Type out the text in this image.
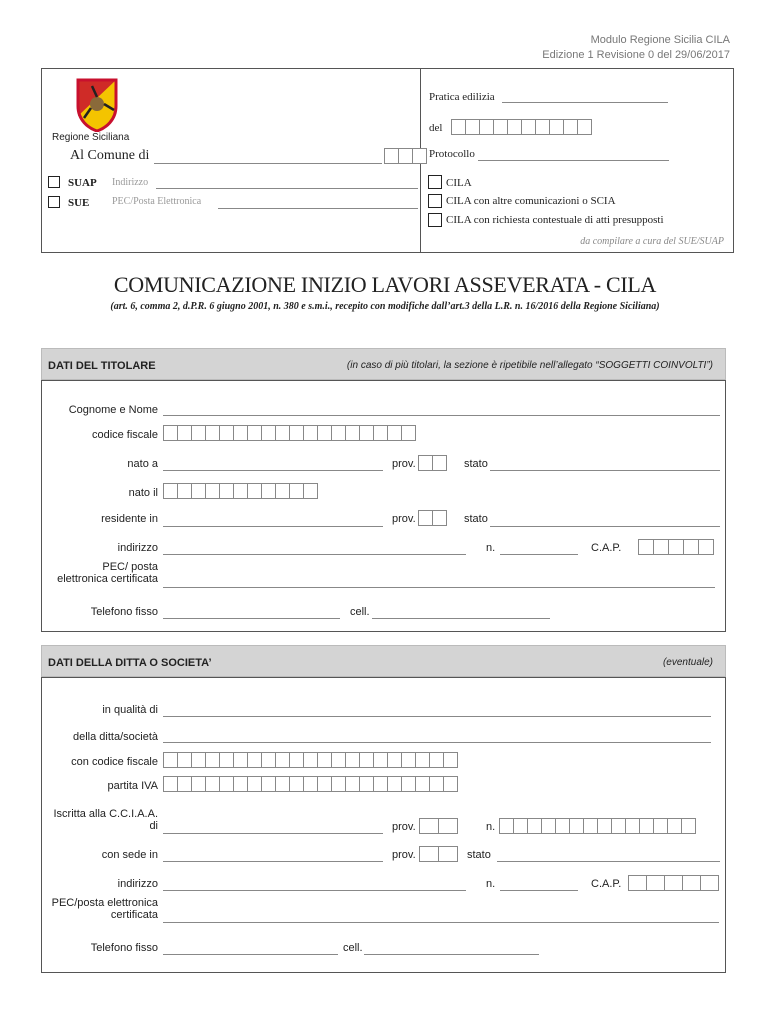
Modulo Regione Sicilia CILA
Edizione 1 Revisione 0 del 29/06/2017
Regione Siciliana
Al Comune di
SUAP Indirizzo
SUE PEC/Posta Elettronica
Pratica edilizia
del
Protocollo
CILA
CILA con altre comunicazioni o SCIA
CILA con richiesta contestuale di atti presupposti
da compilare a cura del SUE/SUAP
COMUNICAZIONE INIZIO LAVORI ASSEVERATA - CILA
(art. 6, comma 2, d.P.R. 6 giugno 2001, n. 380 e s.m.i., recepito con modifiche dall’art.3 della L.R. n. 16/2016 della Regione Siciliana)
DATI DEL TITOLARE	(in caso di più titolari, la sezione è ripetibile nell’allegato “SOGGETTI COINVOLTI”)
Cognome e Nome
codice fiscale
nato a	prov.	stato
nato il
residente in	prov.	stato
indirizzo	n.	C.A.P.
PEC/ posta
elettronica certificata
Telefono fisso	cell.
DATI DELLA DITTA O SOCIETA’	(eventuale)
in qualità di
della ditta/società
con codice fiscale
partita IVA
Iscritta alla C.C.I.A.A.
di	prov.	n.
con sede in	prov.	stato
indirizzo	n.	C.A.P.
PEC/posta elettronica
certificata
Telefono fisso	cell.
